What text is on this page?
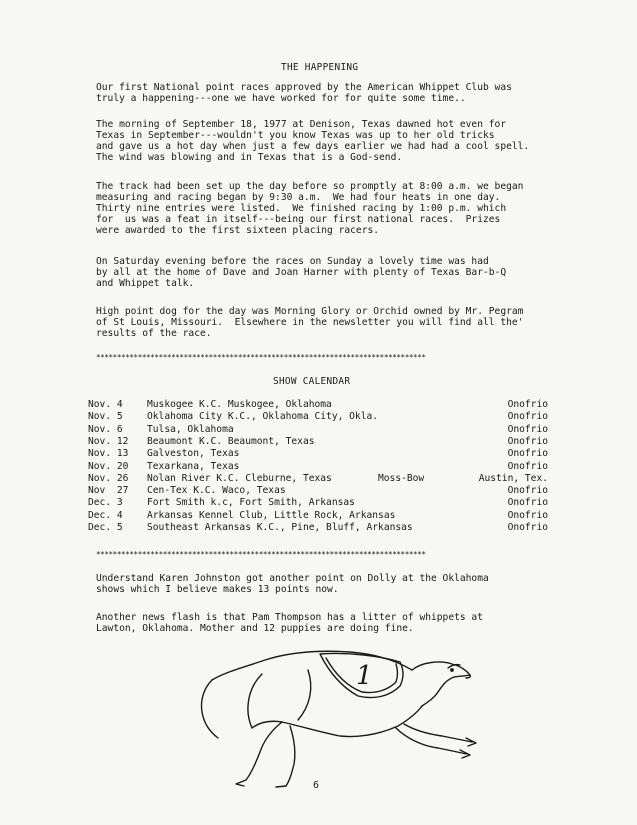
THE HAPPENING
Our first National point races approved by the American Whippet Club was
truly a happening---one we have worked for for quite some time..
The morning of September 18, 1977 at Denison, Texas dawned hot even for
Texas in September---wouldn't you know Texas was up to her old tricks
and gave us a hot day when just a few days earlier we had had a cool spell.
The wind was blowing and in Texas that is a God-send.
The track had been set up the day before so promptly at 8:00 a.m. we began
measuring and racing began by 9:30 a.m.  We had four heats in one day.
Thirty nine entries were listed.  We finished racing by 1:00 p.m. which
for  us was a feat in itself---being our first national races.  Prizes
were awarded to the first sixteen placing racers.
On Saturday evening before the races on Sunday a lovely time was had
by all at the home of Dave and Joan Harner with plenty of Texas Bar-b-Q
and Whippet talk.
High point dog for the day was Morning Glory or Orchid owned by Mr. Pegram
of St Louis, Missouri.  Elsewhere in the newsletter you will find all the'
results of the race.
*******************************************************************************
SHOW CALENDAR
Nov. 4	Muskogee K.C. Muskogee, Oklahoma	Onofrio
Nov. 5	Oklahoma City K.C., Oklahoma City, Okla.	Onofrio
Nov. 6	Tulsa, Oklahoma	Onofrio
Nov. 12 Beaumont K.C. Beaumont, Texas	Onofrio
Nov. 13 Galveston, Texas	Onofrio
Nov. 20 Texarkana, Texas	Onofrio
Nov. 26 Nolan River K.C. Cleburne, Texas	Moss-Bow	Austin, Tex.
Nov  27 Cen-Tex K.C. Waco, Texas	Onofrio
Dec. 3	Fort Smith k.c, Fort Smith, Arkansas	Onofrio
Dec. 4	Arkansas Kennel Club, Little Rock, Arkansas	Onofrio
Dec. 5	Southeast Arkansas K.C., Pine, Bluff, Arkansas	Onofrio
*******************************************************************************
Understand Karen Johnston got another point on Dolly at the Oklahoma
shows which I believe makes 13 points now.
Another news flash is that Pam Thompson has a litter of whippets at
Lawton, Oklahoma. Mother and 12 puppies are doing fine.
1
6
